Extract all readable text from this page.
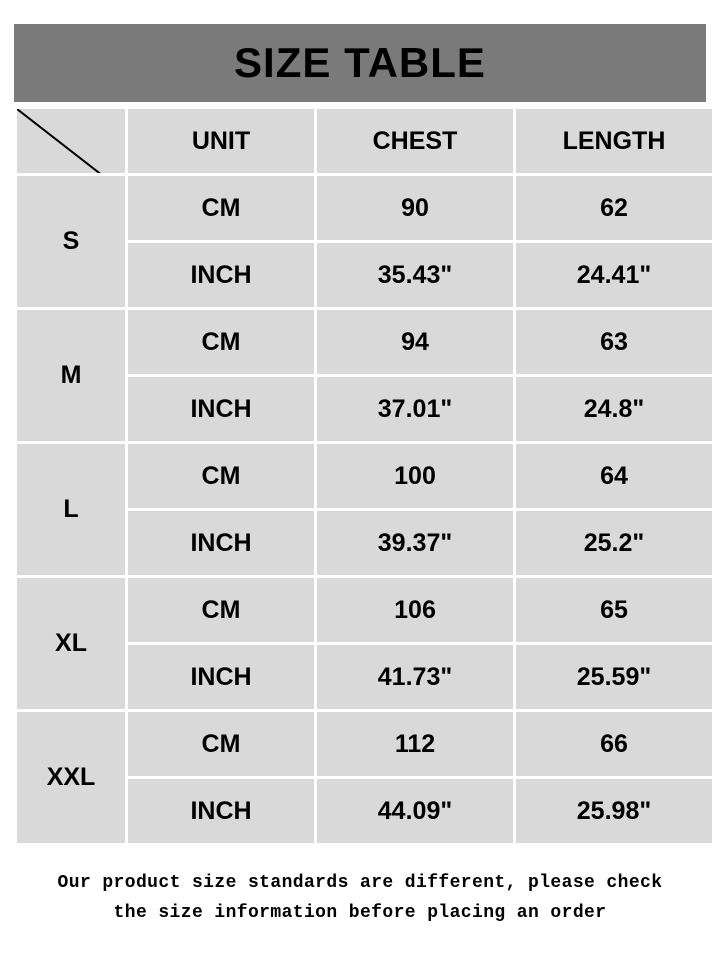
SIZE TABLE
	UNIT	CHEST	LENGTH
S	CM	90	62
	INCH	35.43"	24.41"
M	CM	94	63
	INCH	37.01"	24.8"
L	CM	100	64
	INCH	39.37"	25.2"
XL	CM	106	65
	INCH	41.73"	25.59"
XXL	CM	112	66
	INCH	44.09"	25.98"
Our product size standards are different, please check
the size information before placing an order
